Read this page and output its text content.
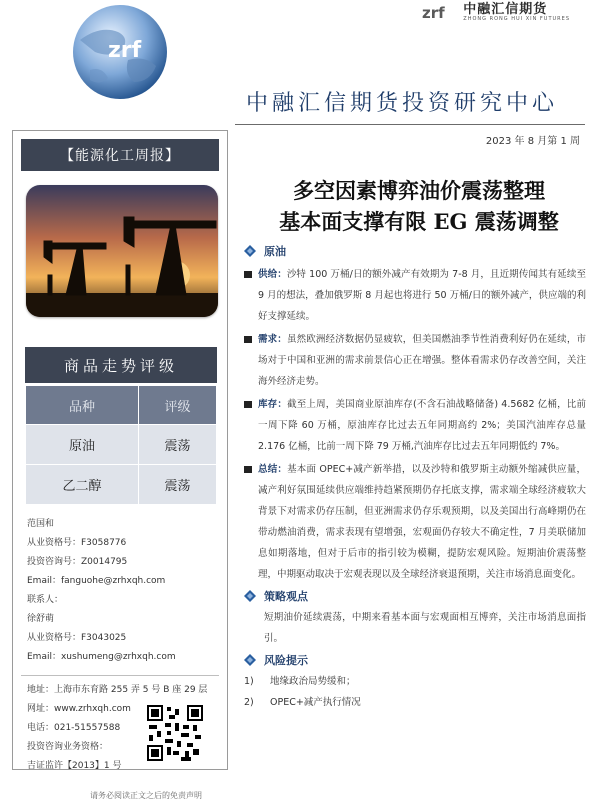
zrf
zrf 中融汇信期货
ZHONG RONG HUI XIN FUTURES
中融汇信期货投资研究中心
2023 年 8 月第 1 周
【能源化工周报】
商品走势评级
品种	评级
原油	震荡
乙二醇	震荡
范国和
从业资格号：F3058776
投资咨询号：Z0014795
Email：fanguohe@zrhxqh.com
联系人：
徐舒萌
从业资格号：F3043025
Email：xushumeng@zrhxqh.com
地址：上海市东育路 255 弄 5 号 B 座 29 层
网址：www.zrhxqh.com
电话：021-51557588
投资咨询业务资格：
吉证监许【2013】1 号
多空因素博弈油价震荡整理
基本面支撑有限 EG 震荡调整
原油
供给：沙特 100 万桶/日的额外减产有效期为 7-8 月，且近期传闻其有延续至 9 月的想法，叠加俄罗斯 8 月起也将进行 50 万桶/日的额外减产，供应端的利好支撑延续。
需求：虽然欧洲经济数据仍显疲软，但美国燃油季节性消费利好仍在延续，市场对于中国和亚洲的需求前景信心正在增强。整体看需求仍存改善空间，关注海外经济走势。
库存：截至上周，美国商业原油库存(不含石油战略储备) 4.5682 亿桶，比前一周下降 60 万桶，原油库存比过去五年同期高约 2%；美国汽油库存总量 2.176 亿桶，比前一周下降 79 万桶,汽油库存比过去五年同期低约 7%。
总结：基本面 OPEC+减产新举措，以及沙特和俄罗斯主动额外缩减供应量，减产利好氛围延续供应端维持趋紧预期仍存托底支撑，需求端全球经济疲软大背景下对需求仍存压制，但亚洲需求仍存乐观预期，以及美国出行高峰期仍在带动燃油消费，需求表现有望增强，宏观面仍存较大不确定性，7 月美联储加息如期落地，但对于后市的指引较为模糊，提防宏观风险。短期油价震荡整理，中期驱动取决于宏观表现以及全球经济衰退预期，关注市场消息面变化。
策略观点
短期油价延续震荡，中期来看基本面与宏观面相互博弈，关注市场消息面指引。
风险提示
1)	地缘政治局势缓和；
2)	OPEC+减产执行情况
请务必阅读正文之后的免责声明
